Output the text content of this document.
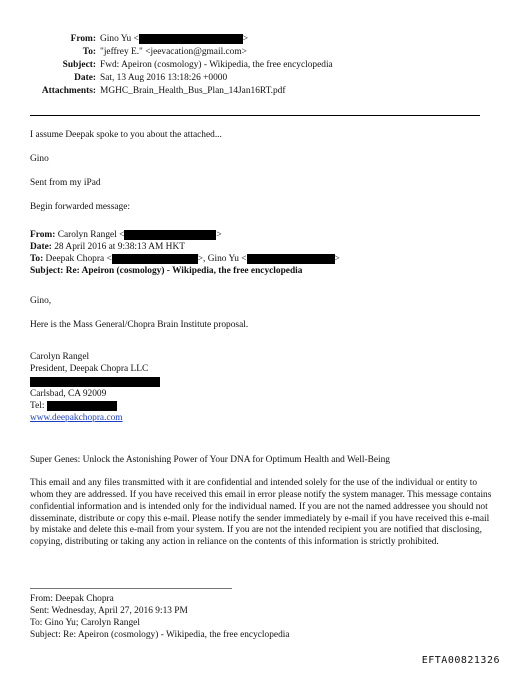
From: Gino Yu <	>
To: "jeffrey E." <jeevacation@gmail.com>
Subject: Fwd: Apeiron (cosmology) - Wikipedia, the free encyclopedia
Date: Sat, 13 Aug 2016 13:18:26 +0000
Attachments: MGHC_Brain_Health_Bus_Plan_14Jan16RT.pdf
I assume Deepak spoke to you about the attached...
Gino
Sent from my iPad
Begin forwarded message:
From: Carolyn Rangel <	>
Date: 28 April 2016 at 9:38:13 AM HKT
To: Deepak Chopra <	>, Gino Yu <	>
Subject: Re: Apeiron (cosmology) - Wikipedia, the free encyclopedia
Gino,
Here is the Mass General/Chopra Brain Institute proposal.
Carolyn Rangel
President, Deepak Chopra LLC
Carlsbad, CA 92009
Tel:
www.deepakchopra.com
Super Genes: Unlock the Astonishing Power of Your DNA for Optimum Health and Well-Being
This email and any files transmitted with it are confidential and intended solely for the use of the individual or entity to whom they are addressed. If you have received this email in error please notify the system manager. This message contains confidential information and is intended only for the individual named. If you are not the named addressee you should not disseminate, distribute or copy this e-mail. Please notify the sender immediately by e-mail if you have received this e-mail by mistake and delete this e-mail from your system. If you are not the intended recipient you are notified that disclosing, copying, distributing or taking any action in reliance on the contents of this information is strictly prohibited.
From: Deepak Chopra
Sent: Wednesday, April 27, 2016 9:13 PM
To: Gino Yu; Carolyn Rangel
Subject: Re: Apeiron (cosmology) - Wikipedia, the free encyclopedia
EFTA00821326
